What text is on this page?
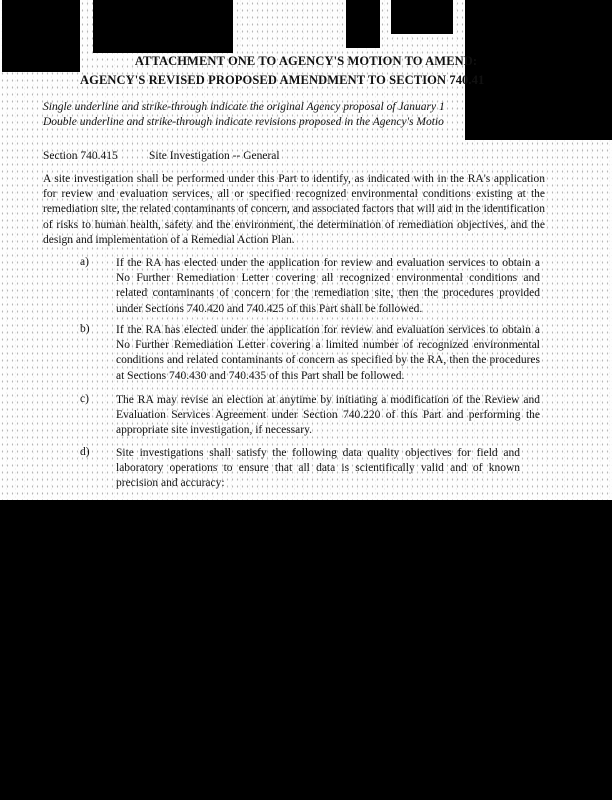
ATTACHMENT ONE TO AGENCY'S MOTION TO AMEND:
AGENCY'S REVISED PROPOSED AMENDMENT TO SECTION 740.41
Single underline and strike-through indicate the original Agency proposal of January 1
Double underline and strike-through indicate revisions proposed in the Agency's Motio
Section 740.415	Site Investigation -- General
A site investigation shall be performed under this Part to identify, as indicated with in the RA's application for review and evaluation services, all or specified recognized environmental conditions existing at the remediation site, the related contaminants of concern, and associated factors that will aid in the identification of risks to human health, safety and the environment, the determination of remediation objectives, and the design and implementation of a Remedial Action Plan.
a) If the RA has elected under the application for review and evaluation services to obtain a No Further Remediation Letter covering all recognized environmental conditions and related contaminants of concern for the remediation site, then the procedures provided under Sections 740.420 and 740.425 of this Part shall be followed.
b) If the RA has elected under the application for review and evaluation services to obtain a No Further Remediation Letter covering a limited number of recognized environmental conditions and related contaminants of concern as specified by the RA, then the procedures at Sections 740.430 and 740.435 of this Part shall be followed.
c) The RA may revise an election at anytime by initiating a modification of the Review and Evaluation Services Agreement under Section 740.220 of this Part and performing the appropriate site investigation, if necessary.
d) Site investigations shall satisfy the following data quality objectives for field and laboratory operations to ensure that all data is scientifically valid and of known precision and accuracy:
